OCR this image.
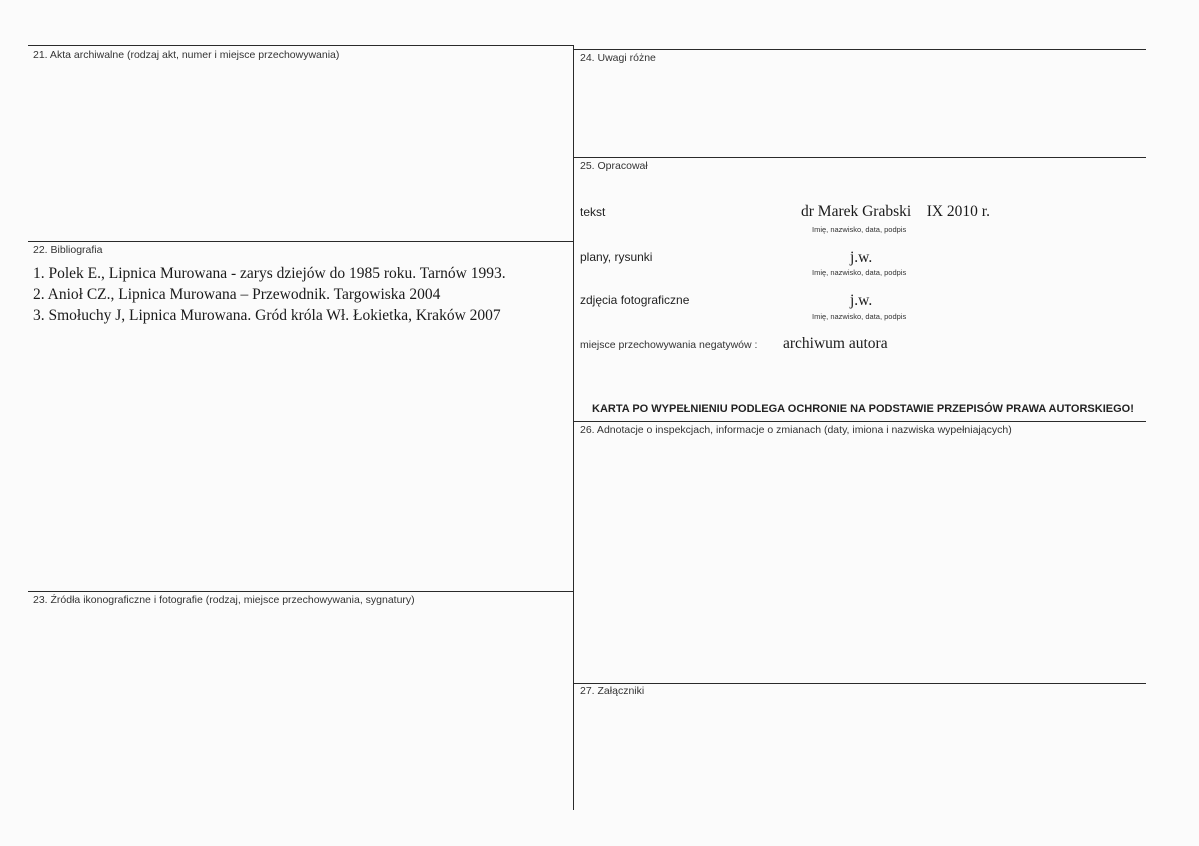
21. Akta archiwalne (rodzaj akt, numer i miejsce przechowywania)
22. Bibliografia
1. Polek E., Lipnica Murowana - zarys dziejów do 1985 roku. Tarnów 1993.
2. Anioł CZ., Lipnica Murowana – Przewodnik. Targowiska 2004
3. Smołuchy J, Lipnica Murowana. Gród króla Wł. Łokietka, Kraków 2007
23. Źródła ikonograficzne i fotografie (rodzaj, miejsce przechowywania, sygnatury)
24. Uwagi różne
25. Opracował
tekst	dr Marek Grabski    IX 2010 r.
Imię, nazwisko, data, podpis
plany, rysunki	j.w.
Imię, nazwisko, data, podpis
zdjęcia fotograficzne	j.w.
Imię, nazwisko, data, podpis
miejsce przechowywania negatywów : archiwum autora
KARTA PO WYPEŁNIENIU PODLEGA OCHRONIE NA PODSTAWIE PRZEPISÓW PRAWA AUTORSKIEGO!
26. Adnotacje o inspekcjach, informacje o zmianach (daty, imiona i nazwiska wypełniających)
27. Załączniki
